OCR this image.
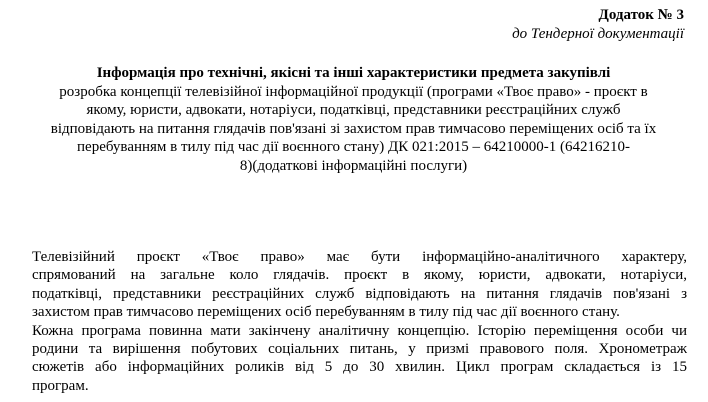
Додаток № 3
до Тендерної документації
Інформація про технічні, якісні та інші характеристики предмета закупівлі
розробка концепції телевізійної інформаційної продукції (програми «Твоє право» - проєкт в
якому, юристи, адвокати, нотаріуси, податківці, представники реєстраційних служб
відповідають на питання глядачів пов'язані зі захистом прав тимчасово переміщених осіб та їх
перебуванням в тилу під час дії воєнного стану) ДК 021:2015 – 64210000-1 (64216210-
8)(додаткові інформаційні послуги)
Телевізійний проєкт «Твоє право» має бути інформаційно-аналітичного характеру,
спрямований на загальне коло глядачів. проєкт в якому, юристи, адвокати, нотаріуси,
податківці, представники реєстраційних служб відповідають на питання глядачів пов'язані з
захистом прав тимчасово переміщених осіб перебуванням в тилу під час дії воєнного стану.
Кожна програма повинна мати закінчену аналітичну концепцію. Історію переміщення особи чи
родини та вирішення побутових соціальних питань, у призмі правового поля. Хронометраж
сюжетів або інформаційних роликів від 5 до 30 хвилин. Цикл програм складається із 15
програм.
